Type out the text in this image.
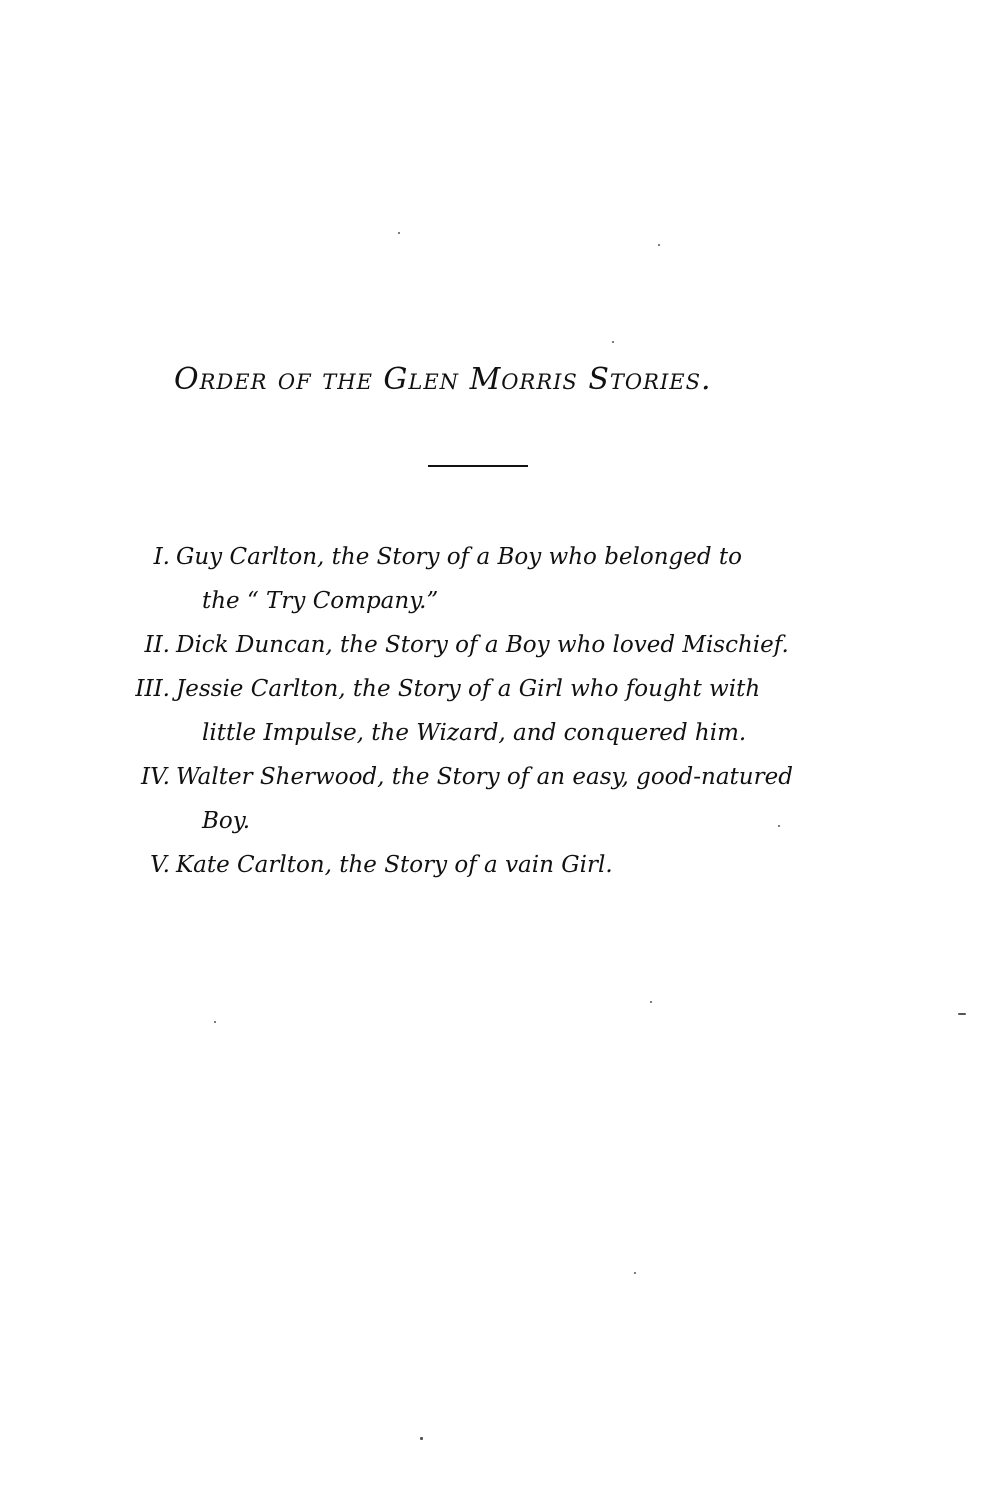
Order of the Glen Morris Stories.
I. Guy Carlton, the Story of a Boy who belonged to
the “ Try Company.”
II. Dick Duncan, the Story of a Boy who loved Mischief.
III. Jessie Carlton, the Story of a Girl who fought with
little Impulse, the Wizard, and conquered him.
IV. Walter Sherwood, the Story of an easy, good-natured
Boy.
V. Kate Carlton, the Story of a vain Girl.
